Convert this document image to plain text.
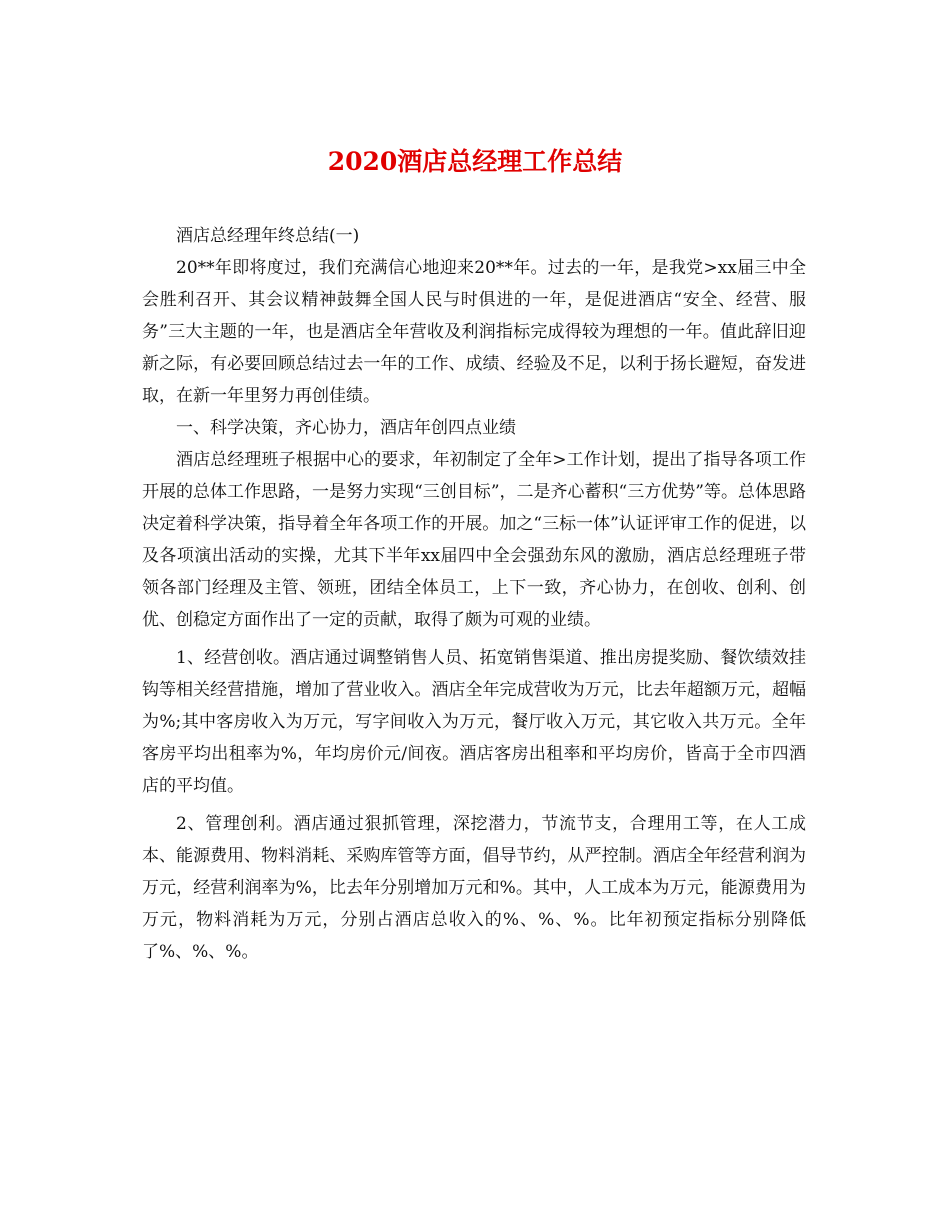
2020酒店总经理工作总结

酒店总经理年终总结(一)

20**年即将度过，我们充满信心地迎来20**年。过去的一年，是我党>xx届三中全会胜利召开、其会议精神鼓舞全国人民与时俱进的一年，是促进酒店“安全、经营、服务”三大主题的一年，也是酒店全年营收及利润指标完成得较为理想的一年。值此辞旧迎新之际，有必要回顾总结过去一年的工作、成绩、经验及不足，以利于扬长避短，奋发进取，在新一年里努力再创佳绩。

一、科学决策，齐心协力，酒店年创四点业绩

酒店总经理班子根据中心的要求，年初制定了全年>工作计划，提出了指导各项工作开展的总体工作思路，一是努力实现“三创目标”，二是齐心蓄积“三方优势”等。总体思路决定着科学决策，指导着全年各项工作的开展。加之“三标一体”认证评审工作的促进，以及各项演出活动的实操，尤其下半年xx届四中全会强劲东风的激励，酒店总经理班子带领各部门经理及主管、领班，团结全体员工，上下一致，齐心协力，在创收、创利、创优、创稳定方面作出了一定的贡献，取得了颇为可观的业绩。

1、经营创收。酒店通过调整销售人员、拓宽销售渠道、推出房提奖励、餐饮绩效挂钩等相关经营措施，增加了营业收入。酒店全年完成营收为万元，比去年超额万元，超幅为%;其中客房收入为万元，写字间收入为万元，餐厅收入万元，其它收入共万元。全年客房平均出租率为%，年均房价元/间夜。酒店客房出租率和平均房价，皆高于全市四酒店的平均值。

2、管理创利。酒店通过狠抓管理，深挖潜力，节流节支，合理用工等，在人工成本、能源费用、物料消耗、采购库管等方面，倡导节约，从严控制。酒店全年经营利润为万元，经营利润率为%，比去年分别增加万元和%。其中，人工成本为万元，能源费用为万元，物料消耗为万元，分别占酒店总收入的%、%、%。比年初预定指标分别降低了%、%、%。
